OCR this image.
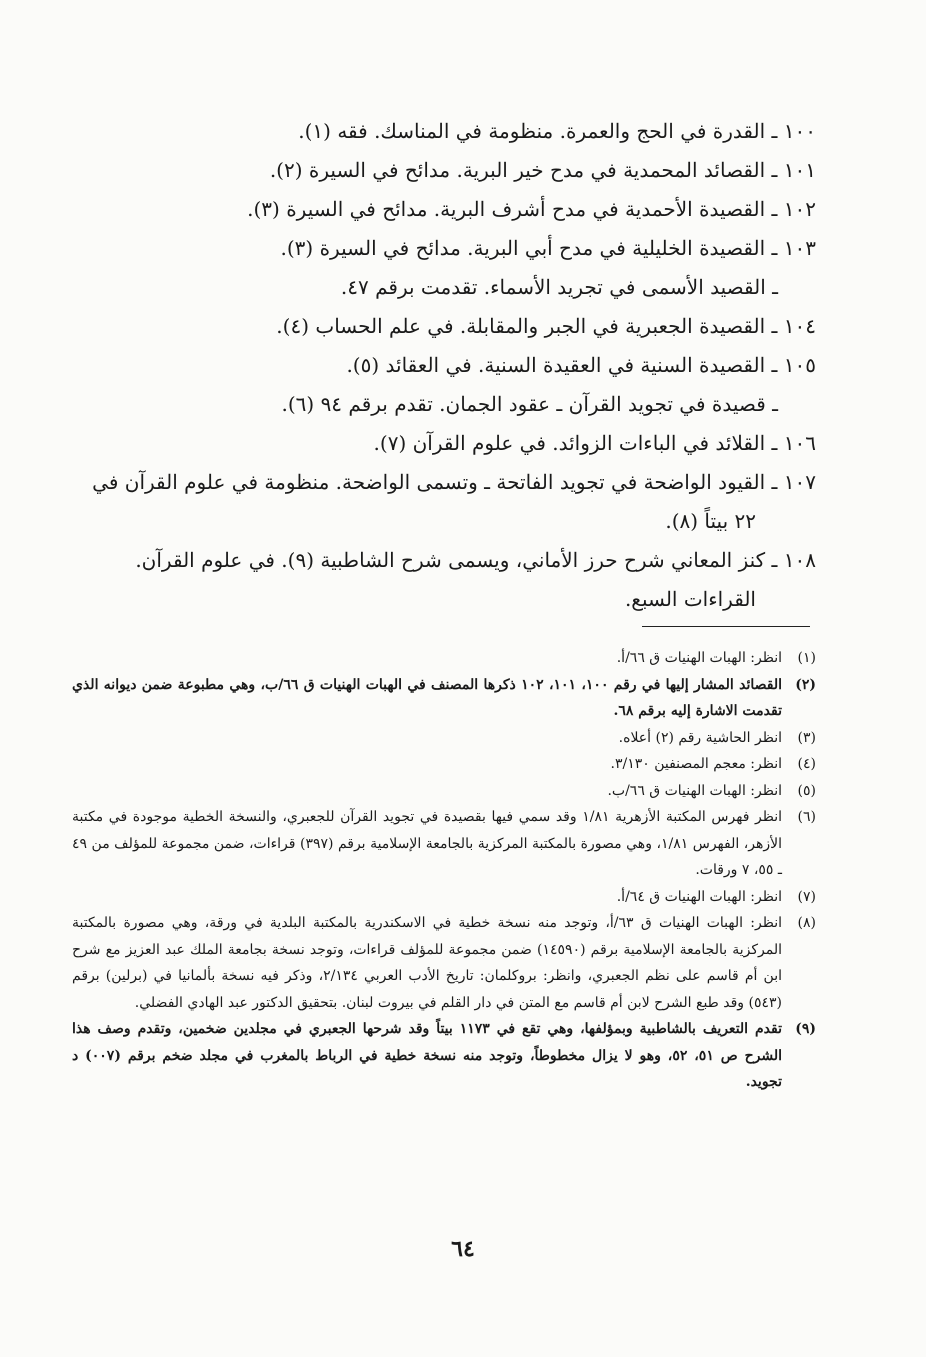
١٠٠ ـ القدرة في الحج والعمرة. منظومة في المناسك. فقه (١).
١٠١ ـ القصائد المحمدية في مدح خير البرية. مدائح في السيرة (٢).
١٠٢ ـ القصيدة الأحمدية في مدح أشرف البرية. مدائح في السيرة (٣).
١٠٣ ـ القصيدة الخليلية في مدح أبي البرية. مدائح في السيرة (٣).
ـ القصيد الأسمى في تجريد الأسماء. تقدمت برقم ٤٧.
١٠٤ ـ القصيدة الجعبرية في الجبر والمقابلة. في علم الحساب (٤).
١٠٥ ـ القصيدة السنية في العقيدة السنية. في العقائد (٥).
ـ قصيدة في تجويد القرآن ـ عقود الجمان. تقدم برقم ٩٤ (٦).
١٠٦ ـ القلائد في الباءات الزوائد. في علوم القرآن (٧).
١٠٧ ـ القيود الواضحة في تجويد الفاتحة ـ وتسمى الواضحة. منظومة في علوم القرآن في
٢٢ بيتاً (٨).
١٠٨ ـ كنز المعاني شرح حرز الأماني، ويسمى شرح الشاطبية (٩). في علوم القرآن.
القراءات السبع.
(١)
انظر: الهبات الهنيات ق ٦٦/أ.
(٢)
القصائد المشار إليها في رقم ١٠٠، ١٠١، ١٠٢ ذكرها المصنف في الهبات الهنيات ق ٦٦/ب، وهي مطبوعة ضمن ديوانه الذي تقدمت الاشارة إليه برقم ٦٨.
(٣)
انظر الحاشية رقم (٢) أعلاه.
(٤)
انظر: معجم المصنفين ٣/١٣٠.
(٥)
انظر: الهبات الهنيات ق ٦٦/ب.
(٦)
انظر فهرس المكتبة الأزهرية ١/٨١ وقد سمي فيها بقصيدة في تجويد القرآن للجعبري، والنسخة الخطية موجودة في مكتبة الأزهر، الفهرس ١/٨١، وهي مصورة بالمكتبة المركزية بالجامعة الإسلامية برقم (٣٩٧) قراءات، ضمن مجموعة للمؤلف من ٤٩ ـ ٥٥، ٧ ورقات.
(٧)
انظر: الهبات الهنيات ق ٦٤/أ.
(٨)
انظر: الهبات الهنيات ق ٦٣/أ، وتوجد منه نسخة خطية في الاسكندرية بالمكتبة البلدية في ورقة، وهي مصورة بالمكتبة المركزية بالجامعة الإسلامية برقم (١٤٥٩٠) ضمن مجموعة للمؤلف قراءات، وتوجد نسخة بجامعة الملك عبد العزيز مع شرح ابن أم قاسم على نظم الجعبري، وانظر: بروكلمان: تاريخ الأدب العربي ٢/١٣٤، وذكر فيه نسخة بألمانيا في (برلين) برقم (٥٤٣) وقد طبع الشرح لابن أم قاسم مع المتن في دار القلم في بيروت لبنان. بتحقيق الدكتور عبد الهادي الفضلي.
(٩)
تقدم التعريف بالشاطبية وبمؤلفها، وهي تقع في ١١٧٣ بيتاً وقد شرحها الجعبري في مجلدين ضخمين، وتقدم وصف هذا الشرح ص ٥١، ٥٢، وهو لا يزال مخطوطاً، وتوجد منه نسخة خطية في الرباط بالمغرب في مجلد ضخم برقم (٠٠٧) د تجويد.
٦٤
